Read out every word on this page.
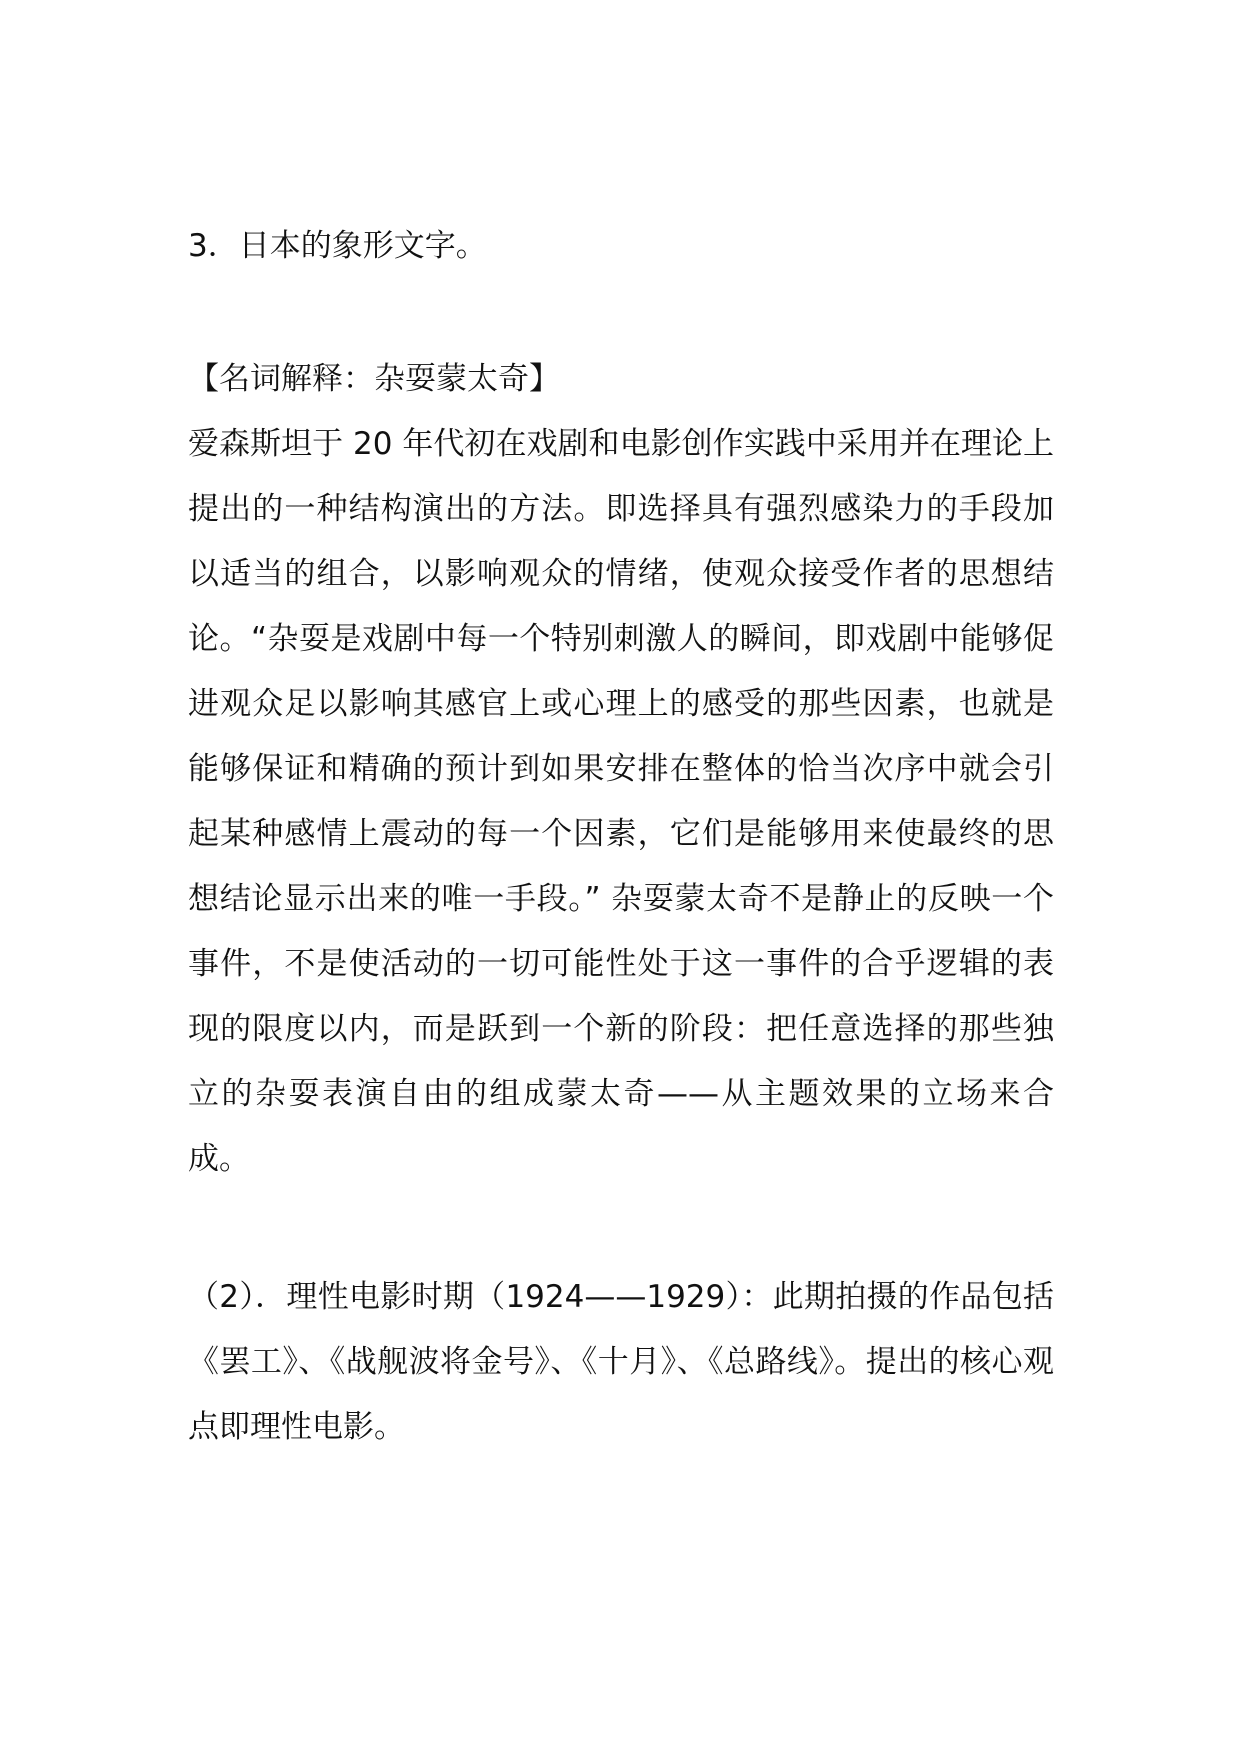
3．日本的象形文字。

【名词解释：杂耍蒙太奇】

爱森斯坦于 20 年代初在戏剧和电影创作实践中采用并在理论上提出的一种结构演出的方法。即选择具有强烈感染力的手段加以适当的组合，以影响观众的情绪，使观众接受作者的思想结论。“杂耍是戏剧中每一个特别刺激人的瞬间，即戏剧中能够促进观众足以影响其感官上或心理上的感受的那些因素，也就是能够保证和精确的预计到如果安排在整体的恰当次序中就会引起某种感情上震动的每一个因素，它们是能够用来使最终的思想结论显示出来的唯一手段。” 杂耍蒙太奇不是静止的反映一个事件，不是使活动的一切可能性处于这一事件的合乎逻辑的表现的限度以内，而是跃到一个新的阶段：把任意选择的那些独立的杂耍表演自由的组成蒙太奇——从主题效果的立场来合成。

（2）．理性电影时期（1924——1929）：此期拍摄的作品包括《罢工》、《战舰波将金号》、《十月》、《总路线》。提出的核心观点即理性电影。
